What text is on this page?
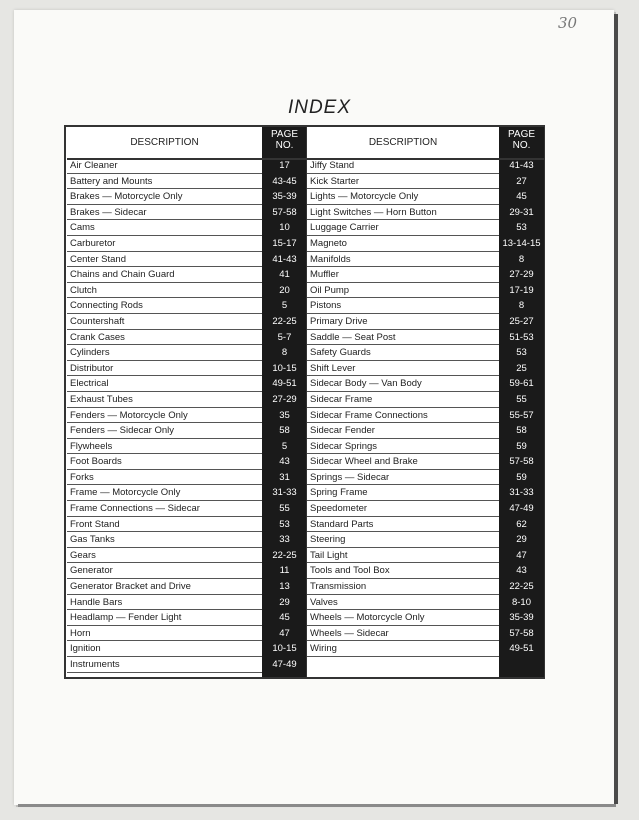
30
INDEX
DESCRIPTION
PAGE
NO.
Air Cleaner	17
Battery and Mounts	43-45
Brakes — Motorcycle Only	35-39
Brakes — Sidecar	57-58
Cams	10
Carburetor	15-17
Center Stand	41-43
Chains and Chain Guard	41
Clutch	20
Connecting Rods	5
Countershaft	22-25
Crank Cases	5-7
Cylinders	8
Distributor	10-15
Electrical	49-51
Exhaust Tubes	27-29
Fenders — Motorcycle Only	35
Fenders — Sidecar Only	58
Flywheels	5
Foot Boards	43
Forks	31
Frame — Motorcycle Only	31-33
Frame Connections — Sidecar	55
Front Stand	53
Gas Tanks	33
Gears	22-25
Generator	11
Generator Bracket and Drive	13
Handle Bars	29
Headlamp — Fender Light	45
Horn	47
Ignition	10-15
Instruments	47-49
DESCRIPTION
PAGE
NO.
Jiffy Stand	41-43
Kick Starter	27
Lights — Motorcycle Only	45
Light Switches — Horn Button	29-31
Luggage Carrier	53
Magneto	13-14-15
Manifolds	8
Muffler	27-29
Oil Pump	17-19
Pistons	8
Primary Drive	25-27
Saddle — Seat Post	51-53
Safety Guards	53
Shift Lever	25
Sidecar Body — Van Body	59-61
Sidecar Frame	55
Sidecar Frame Connections	55-57
Sidecar Fender	58
Sidecar Springs	59
Sidecar Wheel and Brake	57-58
Springs — Sidecar	59
Spring Frame	31-33
Speedometer	47-49
Standard Parts	62
Steering	29
Tail Light	47
Tools and Tool Box	43
Transmission	22-25
Valves	8-10
Wheels — Motorcycle Only	35-39
Wheels — Sidecar	57-58
Wiring	49-51
